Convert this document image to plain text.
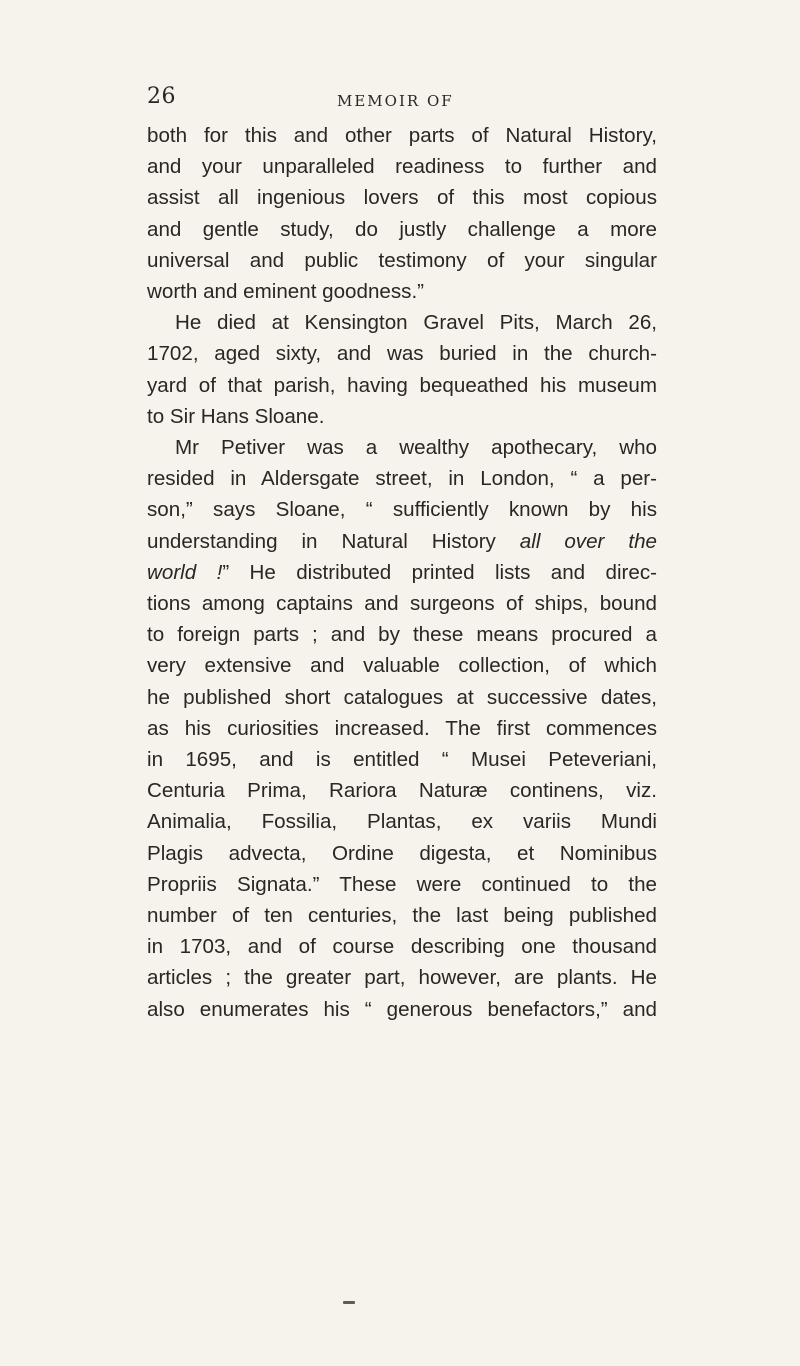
26	MEMOIR OF
both for this and other parts of Natural History,
and your unparalleled readiness to further and
assist all ingenious lovers of this most copious
and gentle study, do justly challenge a more
universal and public testimony of your singular
worth and eminent goodness.”
He died at Kensington Gravel Pits, March 26,
1702, aged sixty, and was buried in the church-
yard of that parish, having bequeathed his museum
to Sir Hans Sloane.
Mr Petiver was a wealthy apothecary, who
resided in Aldersgate street, in London, “ a per-
son,” says Sloane, “ sufficiently known by his
understanding in Natural History all over the
world !” He distributed printed lists and direc-
tions among captains and surgeons of ships, bound
to foreign parts ; and by these means procured a
very extensive and valuable collection, of which
he published short catalogues at successive dates,
as his curiosities increased. The first commences
in 1695, and is entitled “ Musei Peteveriani,
Centuria Prima, Rariora Naturæ continens, viz.
Animalia, Fossilia, Plantas, ex variis Mundi
Plagis advecta, Ordine digesta, et Nominibus
Propriis Signata.” These were continued to the
number of ten centuries, the last being published
in 1703, and of course describing one thousand
articles ; the greater part, however, are plants. He
also enumerates his “ generous benefactors,” and
